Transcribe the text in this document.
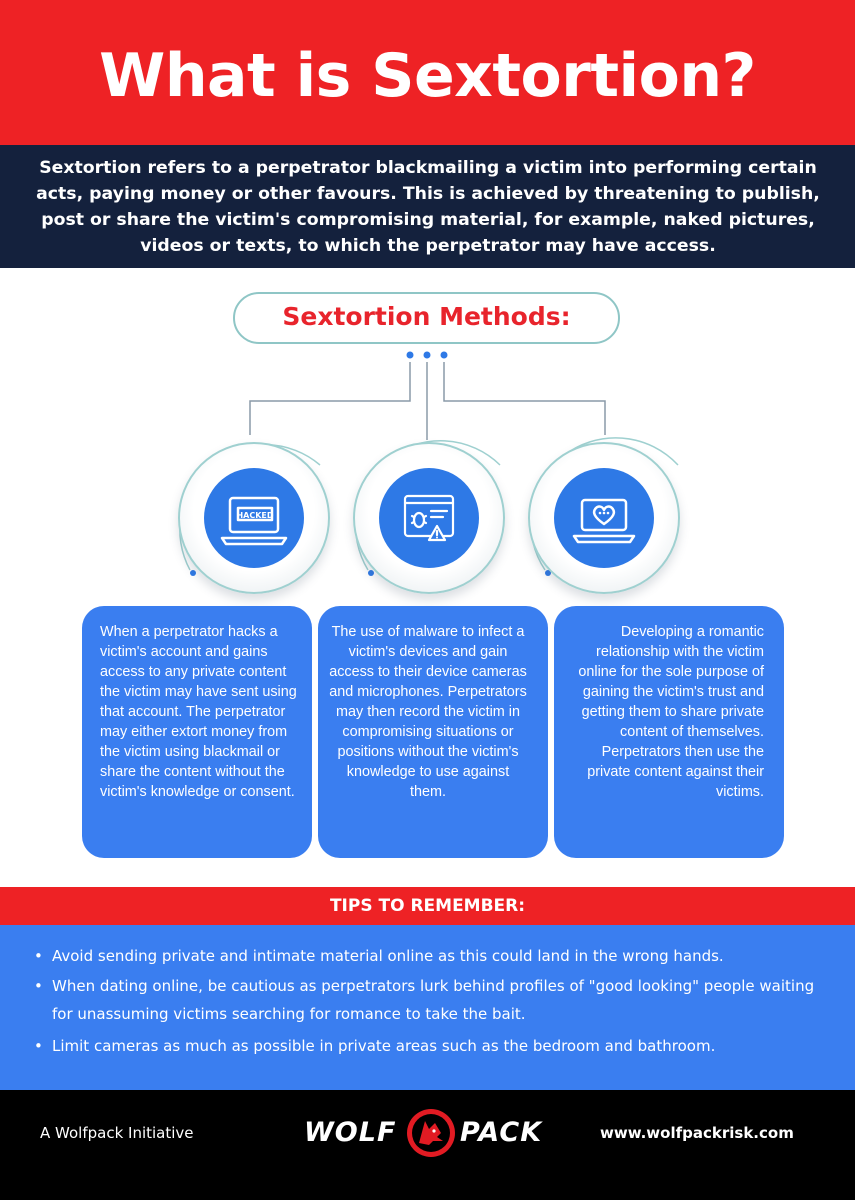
What is Sextortion?
Sextortion refers to a perpetrator blackmailing a victim into performing certain acts, paying money or other favours. This is achieved by threatening to publish, post or share the victim's compromising material, for example, naked pictures, videos or texts, to which the perpetrator may have access.
Sextortion Methods:
HACKED
When a perpetrator hacks a victim's account and gains access to any private content the victim may have sent using that account. The perpetrator may either extort money from the victim using blackmail or share the content without the victim's knowledge or consent.
The use of malware to infect a victim's devices and gain access to their device cameras and microphones. Perpetrators may then record the victim in compromising situations or positions without the victim's knowledge to use against them.
Developing a romantic relationship with the victim online for the sole purpose of gaining the victim's trust and getting them to share private content of themselves. Perpetrators then use the private content against their victims.
TIPS TO REMEMBER:
• Avoid sending private and intimate material online as this could land in the wrong hands.
• When dating online, be cautious as perpetrators lurk behind profiles of "good looking" people waiting for unassuming victims searching for romance to take the bait.
• Limit cameras as much as possible in private areas such as the bedroom and bathroom.
A Wolfpack Initiative	WOLF PACK	www.wolfpackrisk.com
